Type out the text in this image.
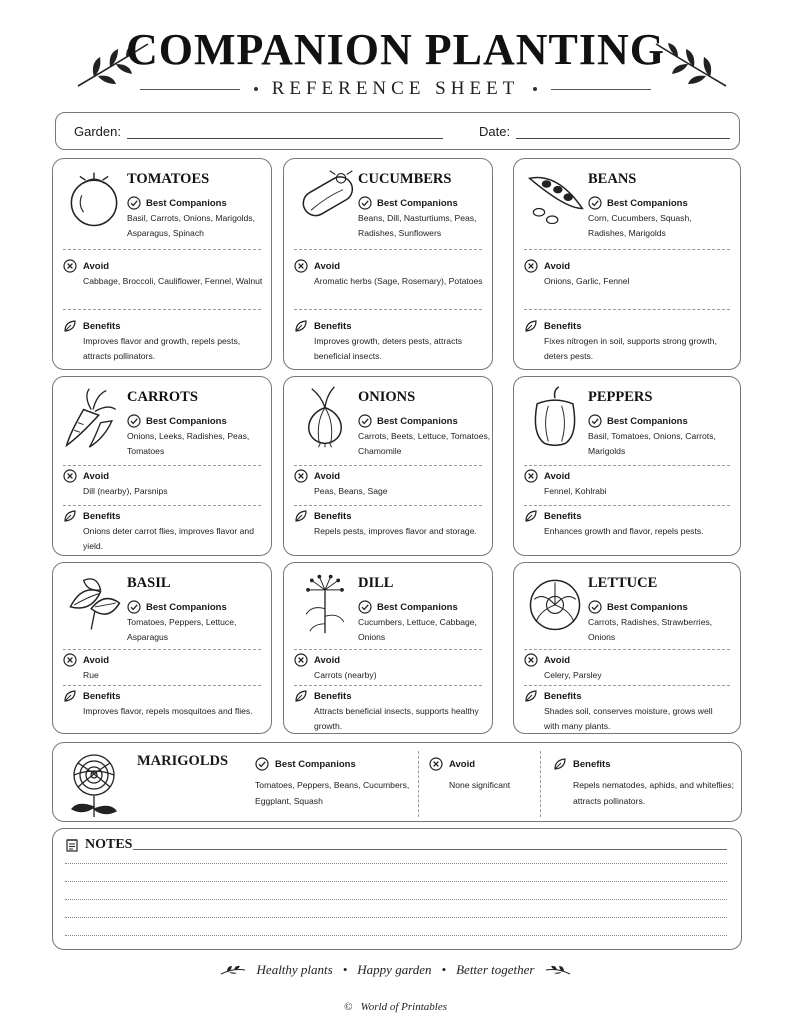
COMPANION PLANTING
REFERENCE SHEET
Garden:	Date:
TOMATOES
Best Companions
Basil, Carrots, Onions, Marigolds, Asparagus, Spinach
Avoid
Cabbage, Broccoli, Cauliflower, Fennel, Walnut
Benefits
Improves flavor and growth, repels pests, attracts pollinators.
CUCUMBERS
Best Companions
Beans, Dill, Nasturtiums, Peas, Radishes, Sunflowers
Avoid
Aromatic herbs (Sage, Rosemary), Potatoes
Benefits
Improves growth, deters pests, attracts beneficial insects.
BEANS
Best Companions
Corn, Cucumbers, Squash, Radishes, Marigolds
Avoid
Onions, Garlic, Fennel
Benefits
Fixes nitrogen in soil, supports strong growth, deters pests.
CARROTS
Best Companions
Onions, Leeks, Radishes, Peas, Tomatoes
Avoid
Dill (nearby), Parsnips
Benefits
Onions deter carrot flies, improves flavor and yield.
ONIONS
Best Companions
Carrots, Beets, Lettuce, Tomatoes, Chamomile
Avoid
Peas, Beans, Sage
Benefits
Repels pests, improves flavor and storage.
PEPPERS
Best Companions
Basil, Tomatoes, Onions, Carrots, Marigolds
Avoid
Fennel, Kohlrabi
Benefits
Enhances growth and flavor, repels pests.
BASIL
Best Companions
Tomatoes, Peppers, Lettuce, Asparagus
Avoid
Rue
Benefits
Improves flavor, repels mosquitoes and flies.
DILL
Best Companions
Cucumbers, Lettuce, Cabbage, Onions
Avoid
Carrots (nearby)
Benefits
Attracts beneficial insects, supports healthy growth.
LETTUCE
Best Companions
Carrots, Radishes, Strawberries, Onions
Avoid
Celery, Parsley
Benefits
Shades soil, conserves moisture, grows well with many plants.
MARIGOLDS	Best Companions
Tomatoes, Peppers, Beans, Cucumbers, Eggplant, Squash
Avoid
None significant
Benefits
Repels nematodes, aphids, and whiteflies; attracts pollinators.
NOTES
Healthy plants • Happy garden • Better together
© World of Printables
